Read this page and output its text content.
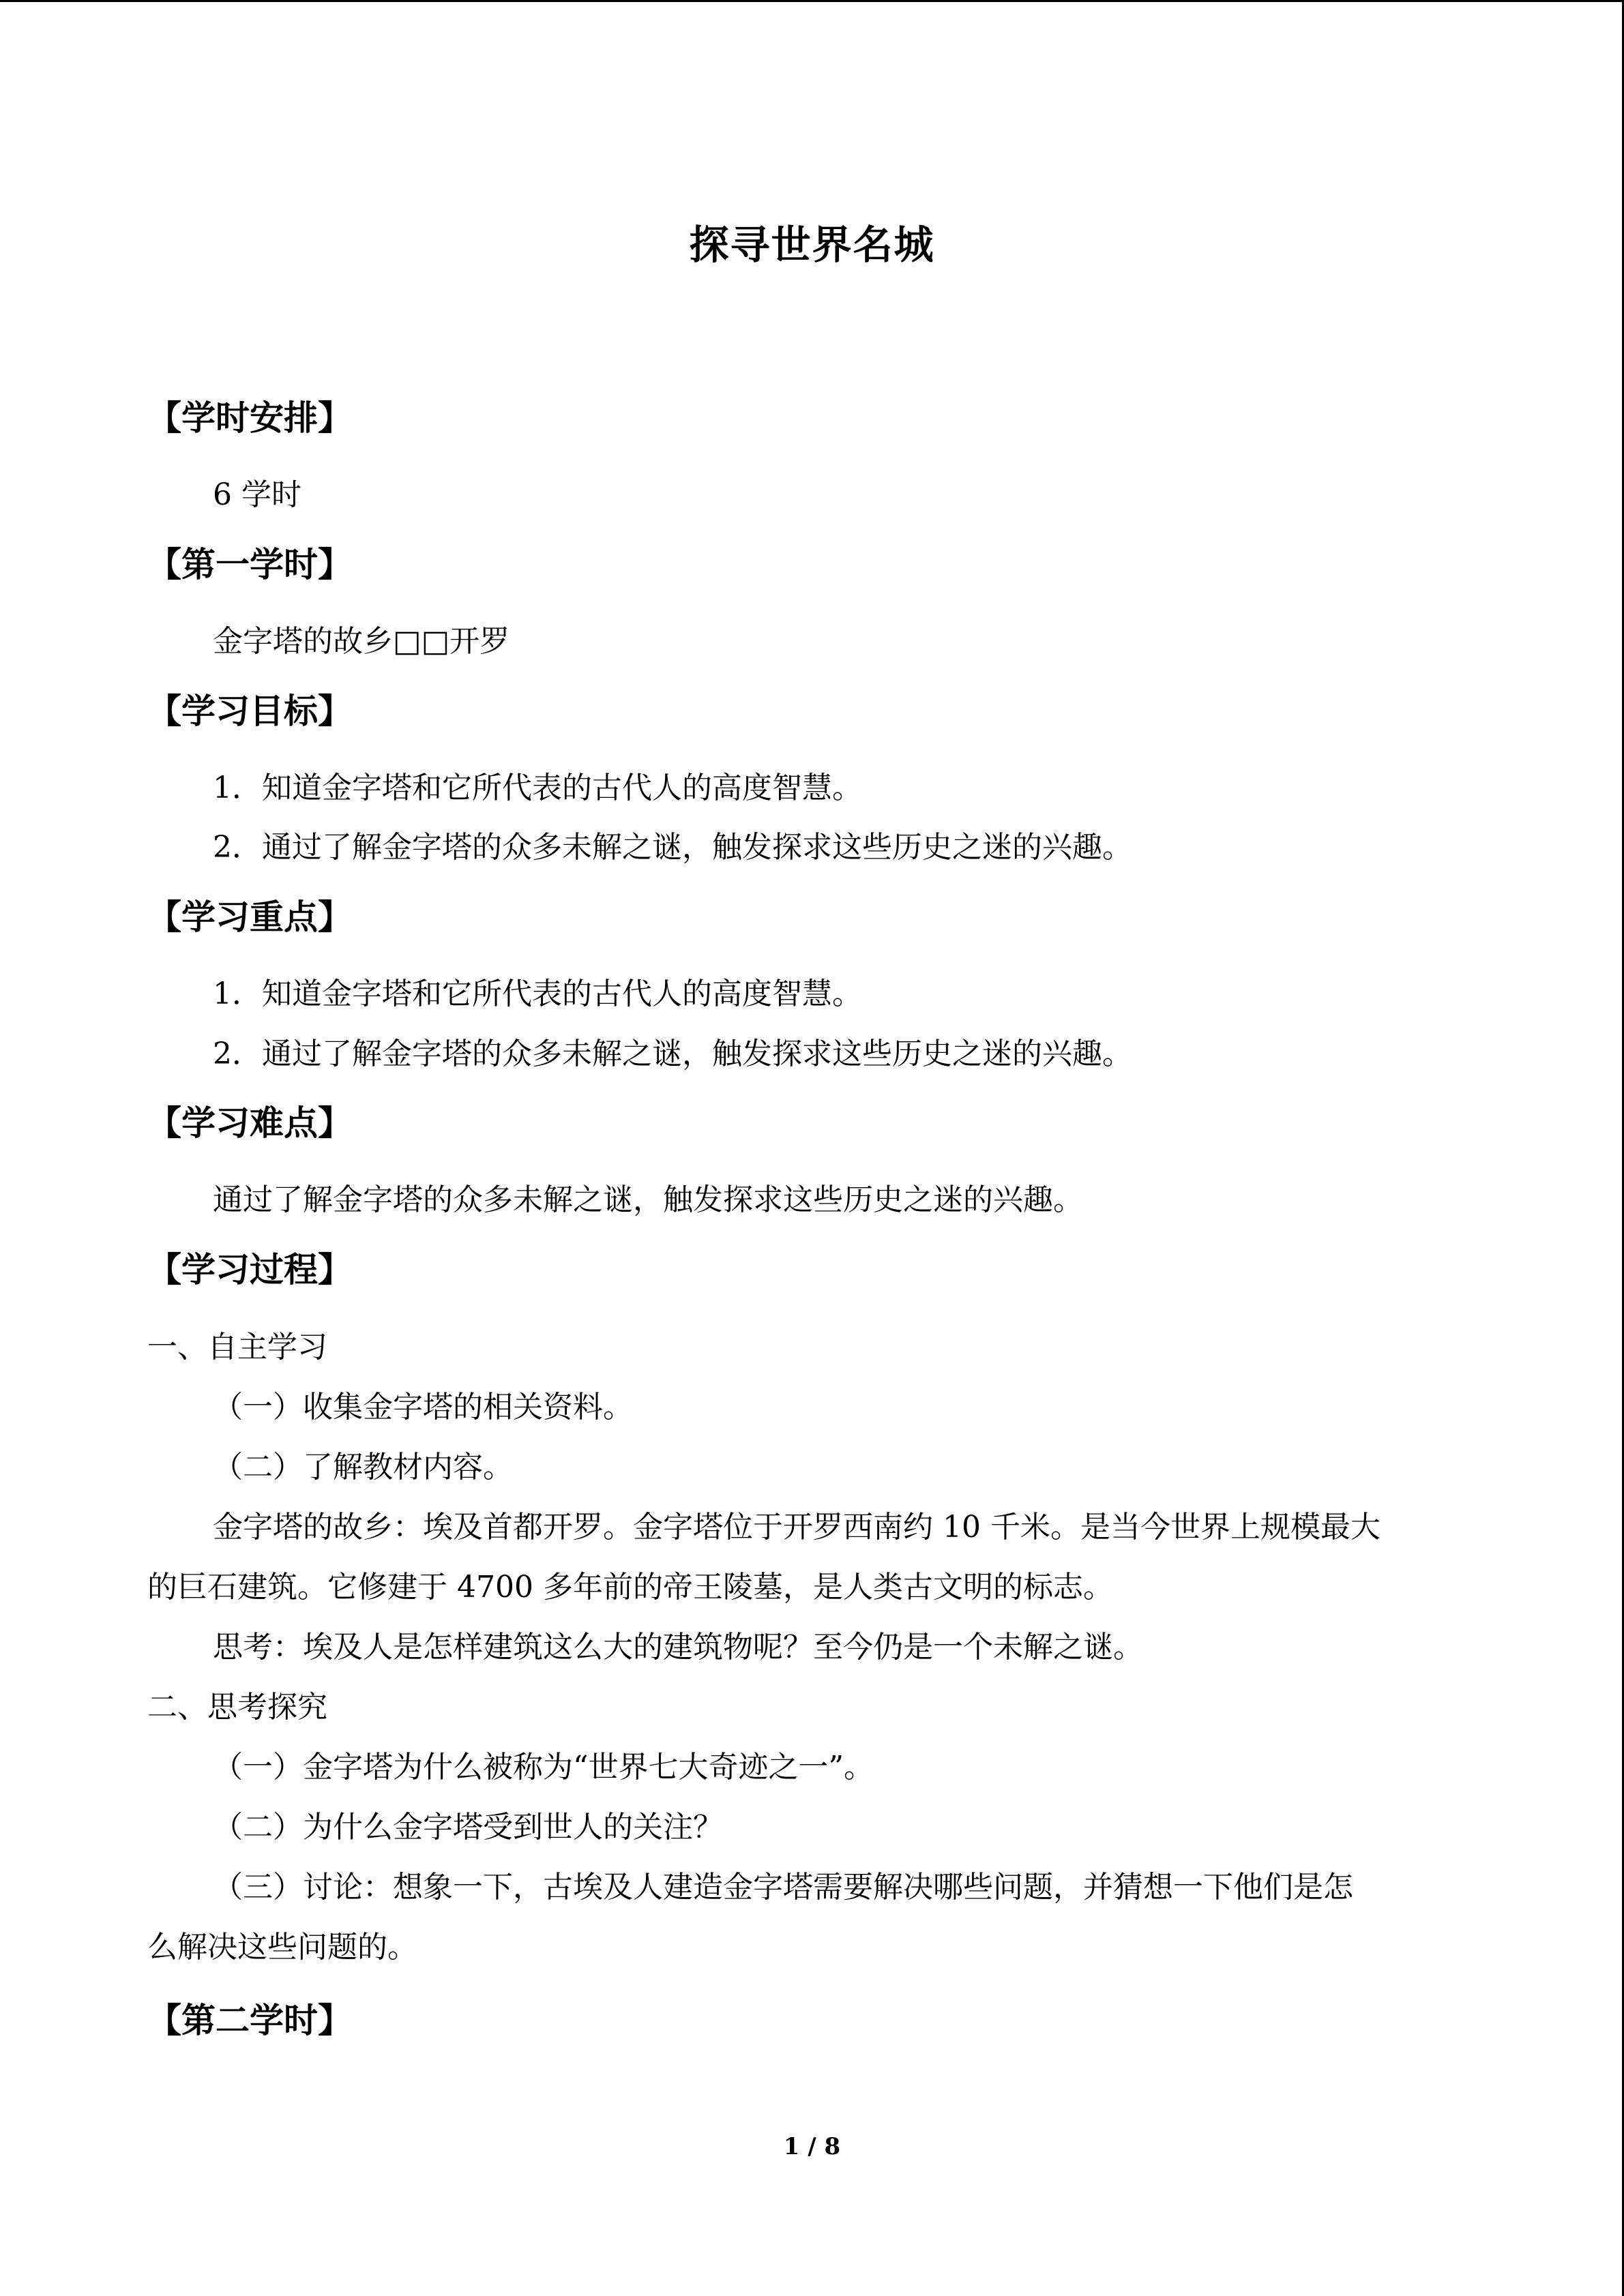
探寻世界名城
【学时安排】
6 学时
【第一学时】
金字塔的故乡□□开罗
【学习目标】
1．知道金字塔和它所代表的古代人的高度智慧。
2．通过了解金字塔的众多未解之谜，触发探求这些历史之迷的兴趣。
【学习重点】
1．知道金字塔和它所代表的古代人的高度智慧。
2．通过了解金字塔的众多未解之谜，触发探求这些历史之迷的兴趣。
【学习难点】
通过了解金字塔的众多未解之谜，触发探求这些历史之迷的兴趣。
【学习过程】
一、自主学习
（一）收集金字塔的相关资料。
（二）了解教材内容。
金字塔的故乡：埃及首都开罗。金字塔位于开罗西南约 10 千米。是当今世界上规模最大
的巨石建筑。它修建于 4700 多年前的帝王陵墓，是人类古文明的标志。
思考：埃及人是怎样建筑这么大的建筑物呢？至今仍是一个未解之谜。
二、思考探究
（一）金字塔为什么被称为“世界七大奇迹之一”。
（二）为什么金字塔受到世人的关注？
（三）讨论：想象一下，古埃及人建造金字塔需要解决哪些问题，并猜想一下他们是怎
么解决这些问题的。
【第二学时】
1 / 8
